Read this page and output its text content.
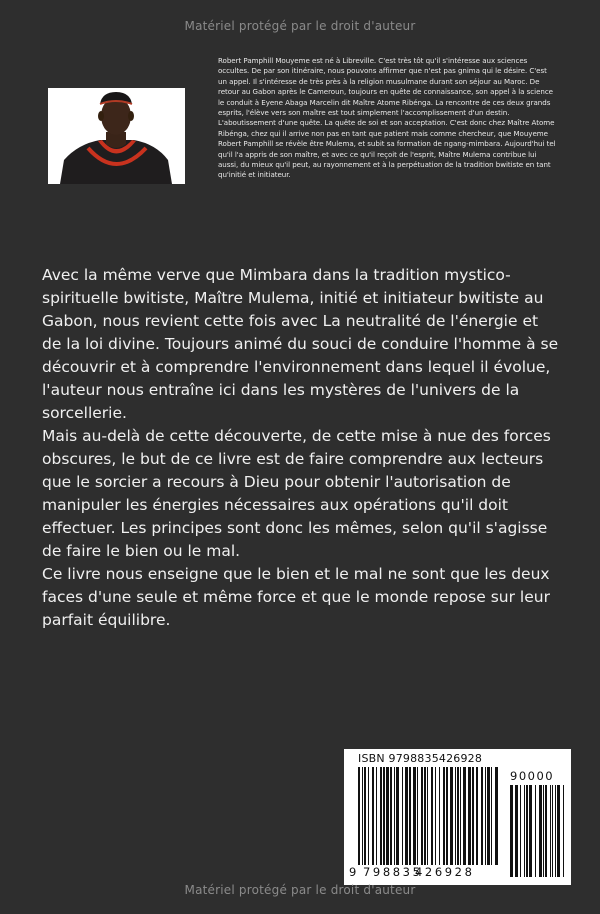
Matériel protégé par le droit d'auteur
Robert Pamphill Mouyeme est né à Libreville. C'est très tôt qu'il s'intéresse aux sciences occultes. De par son itinéraire, nous pouvons affirmer que n'est pas gnima qui le désire. C'est un appel. Il s'intéresse de très près à la religion musulmane durant son séjour au Maroc. De retour au Gabon après le Cameroun, toujours en quête de connaissance, son appel à la science le conduit à Eyene Abaga Marcelin dit Maître Atome Ribénga. La rencontre de ces deux grands esprits, l'élève vers son maître est tout simplement l'accomplissement d'un destin. L'aboutissement d'une quête. La quête de soi et son acceptation. C'est donc chez Maître Atome Ribénga, chez qui il arrive non pas en tant que patient mais comme chercheur, que Mouyeme Robert Pamphill se révèle être Mulema, et subit sa formation de ngang-mimbara. Aujourd'hui tel qu'il l'a appris de son maître, et avec ce qu'il reçoit de l'esprit, Maître Mulema contribue lui aussi, du mieux qu'il peut, au rayonnement et à la perpétuation de la tradition bwitiste en tant qu'initié et initiateur.

Avec la même verve que Mimbara dans la tradition mystico-spirituelle bwitiste, Maître Mulema, initié et initiateur bwitiste au Gabon, nous revient cette fois avec La neutralité de l'énergie et de la loi divine. Toujours animé du souci de conduire l'homme à se découvrir et à comprendre l'environnement dans lequel il évolue, l'auteur nous entraîne ici dans les mystères de l'univers de la sorcellerie.

Mais au-delà de cette découverte, de cette mise à nue des forces obscures, le but de ce livre est de faire comprendre aux lecteurs que le sorcier a recours à Dieu pour obtenir l'autorisation de manipuler les énergies nécessaires aux opérations qu'il doit effectuer. Les principes sont donc les mêmes, selon qu'il s'agisse de faire le bien ou le mal.

Ce livre nous enseigne que le bien et le mal ne sont que les deux faces d'une seule et même force et que le monde repose sur leur parfait équilibre.

ISBN 9798835426928
90000
9 798835
426928
Matériel protégé par le droit d'auteur
